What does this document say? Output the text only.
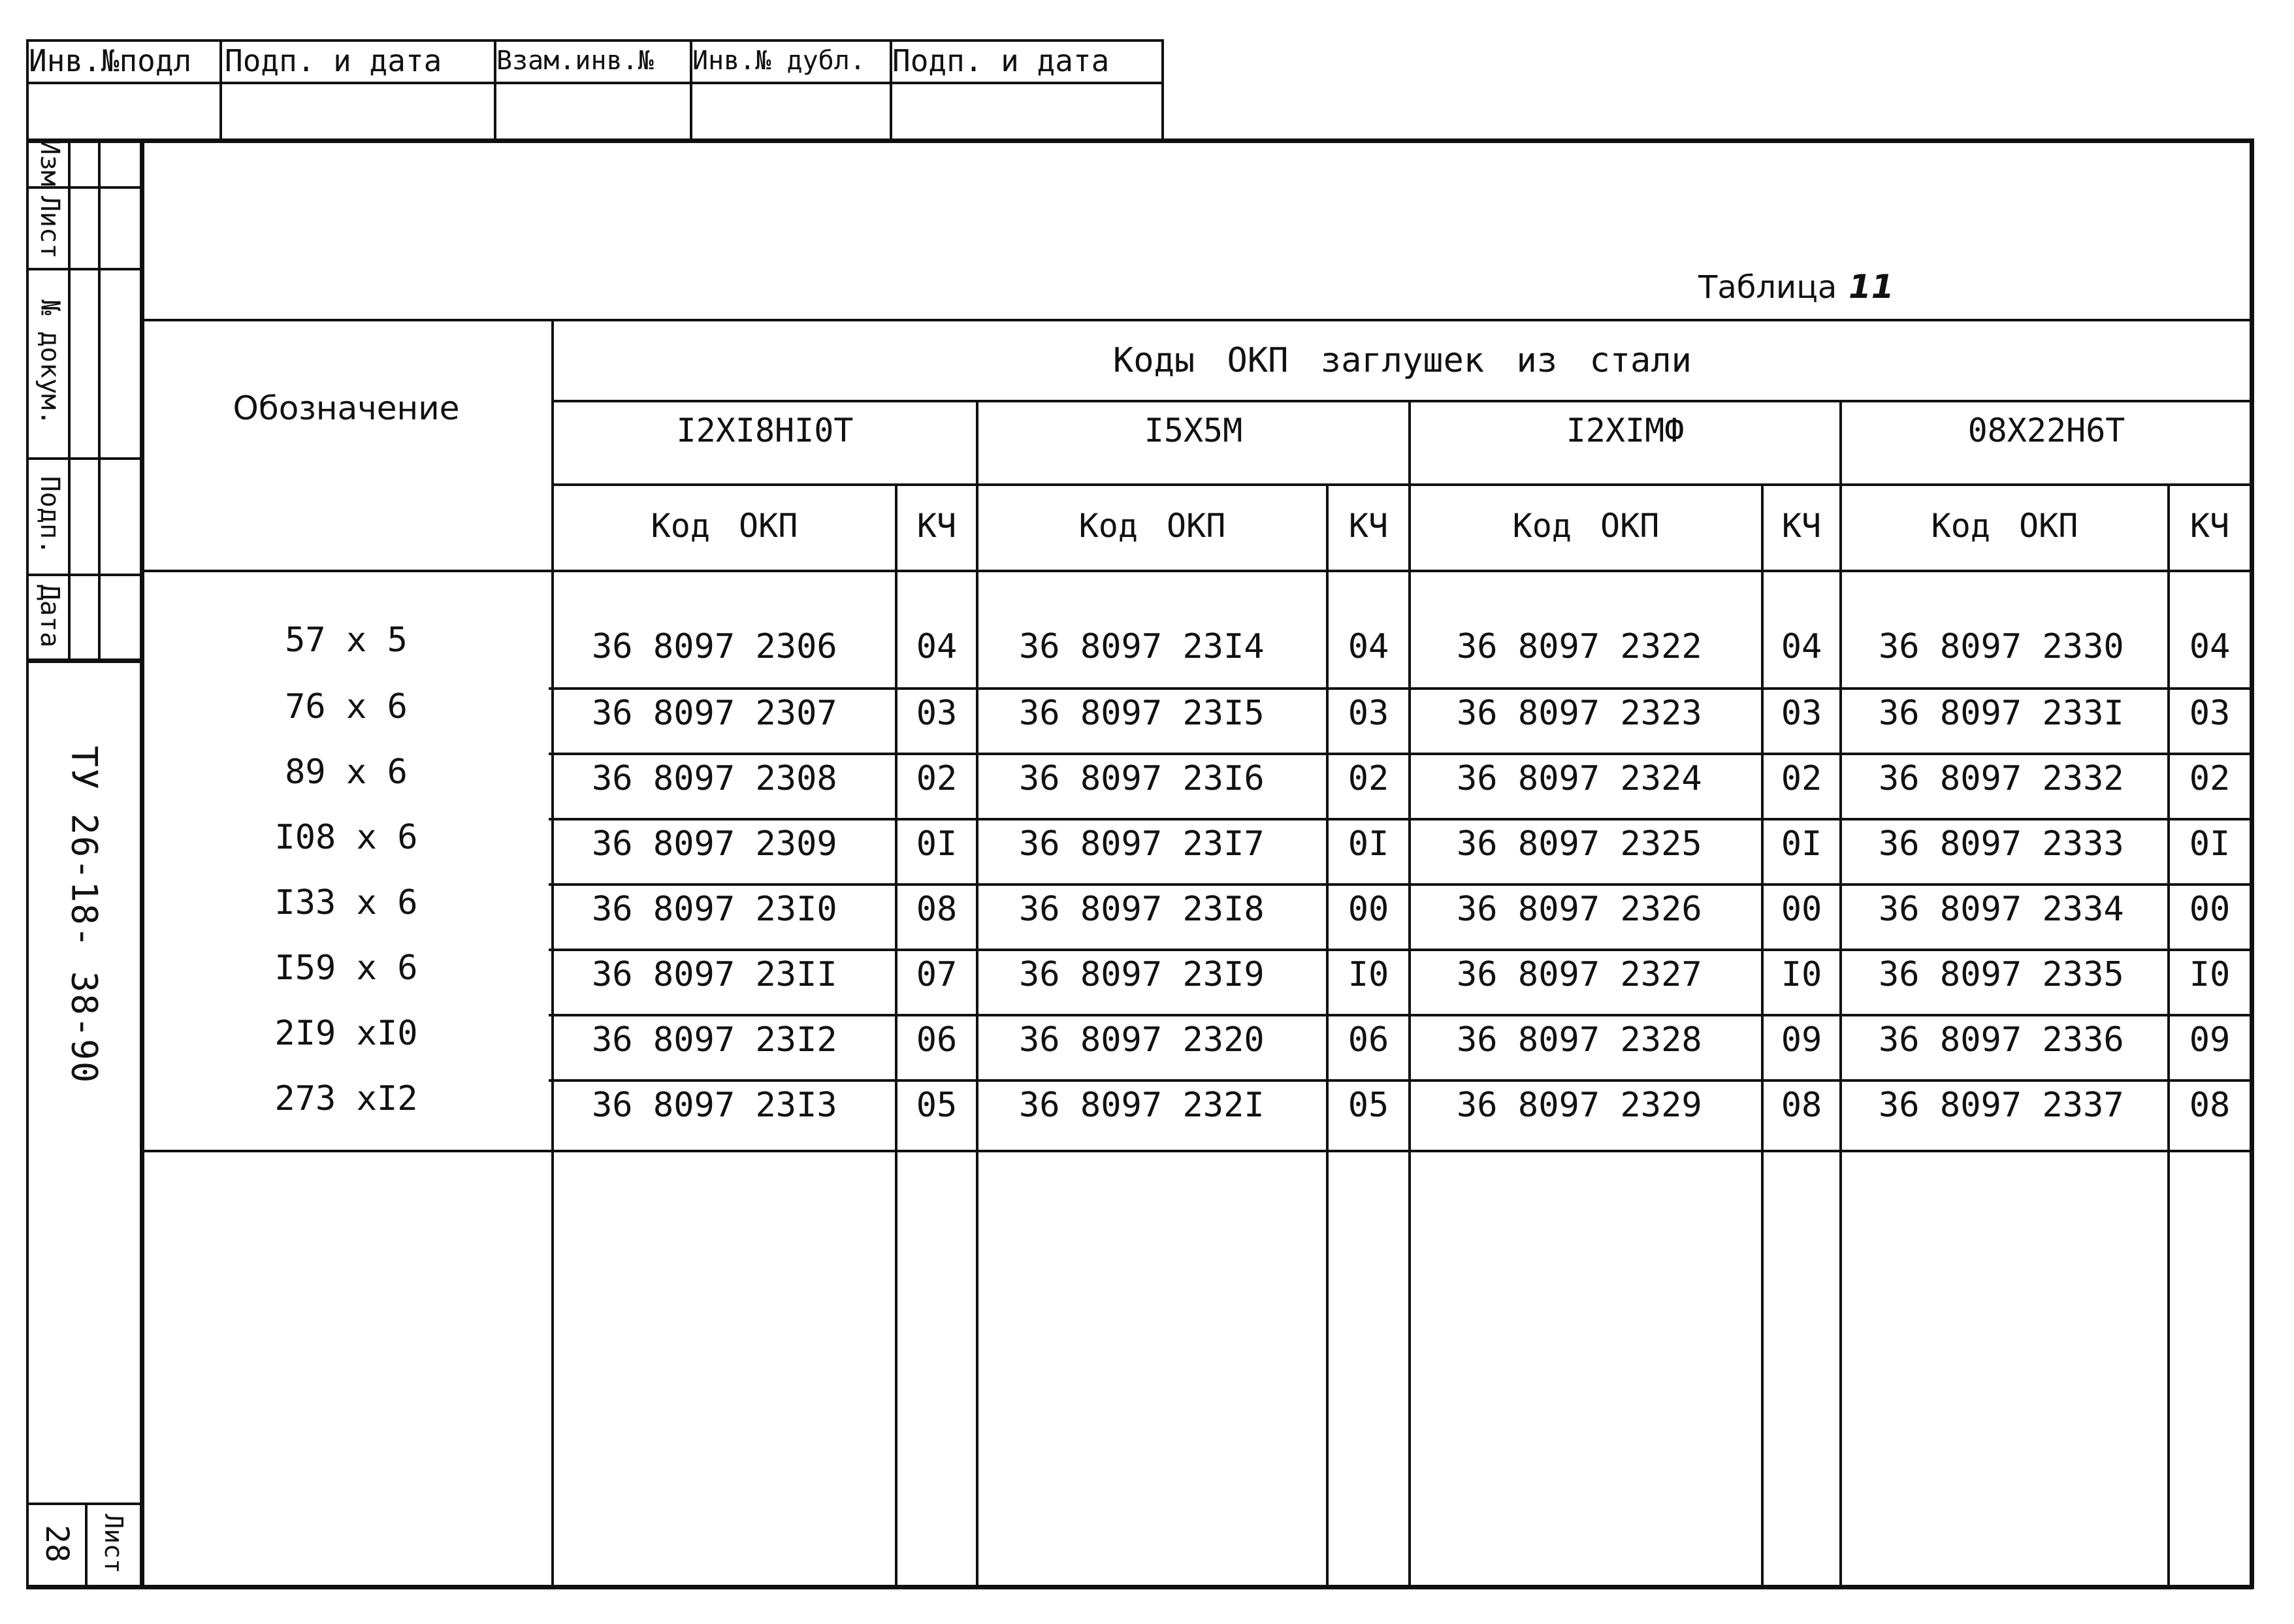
Инв.№подл Подп. и дата Взам.инв.№ Инв.№ дубл. Подп. и дата
Изм
Лист
№ докум.
Подп.
Дата
ТУ 26-18- 38-90
28 Лист
Таблица 11
Обозначение
Коды ОКП заглушек из стали
I2XI8HI0T	I5X5M	I2XIMФ	08X22H6T
Код ОКП	КЧ	Код ОКП	КЧ	Код ОКП	КЧ	Код ОКП	КЧ
57 x 5	36 8097 2306	04	36 8097 23I4	04	36 8097 2322	04	36 8097 2330	04
76 x 6	36 8097 2307	03	36 8097 23I5	03	36 8097 2323	03	36 8097 233I	03
89 x 6	36 8097 2308	02	36 8097 23I6	02	36 8097 2324	02	36 8097 2332	02
I08 x 6	36 8097 2309	0I	36 8097 23I7	0I	36 8097 2325	0I	36 8097 2333	0I
I33 x 6	36 8097 23I0	08	36 8097 23I8	00	36 8097 2326	00	36 8097 2334	00
I59 x 6	36 8097 23II	07	36 8097 23I9	I0	36 8097 2327	I0	36 8097 2335	I0
2I9 xI0	36 8097 23I2	06	36 8097 2320	06	36 8097 2328	09	36 8097 2336	09
273 xI2	36 8097 23I3	05	36 8097 232I	05	36 8097 2329	08	36 8097 2337	08
